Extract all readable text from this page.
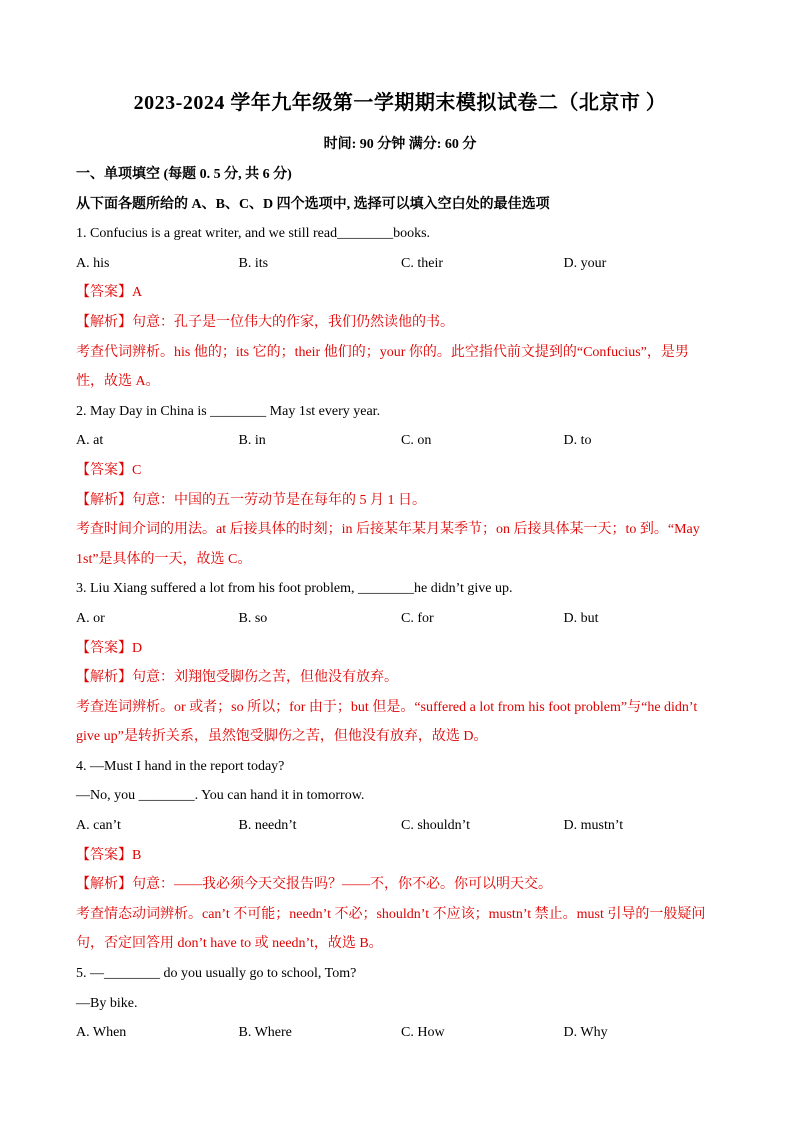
2023-2024 学年九年级第一学期期末模拟试卷二（北京市 ）
时间: 90 分钟 满分: 60 分
一、单项填空 (每题 0. 5 分, 共 6 分)
从下面各题所给的 A、B、C、D 四个选项中, 选择可以填入空白处的最佳选项
1. Confucius is a great writer, and we still read________books.
A. his	B. its	C. their	D. your
【答案】A
【解析】句意：孔子是一位伟大的作家，我们仍然读他的书。
考查代词辨析。his 他的；its 它的；their 他们的；your 你的。此空指代前文提到的“Confucius”，是男
性，故选 A。
2. May Day in China is ________ May 1st every year.
A. at	B. in	C. on	D. to
【答案】C
【解析】句意：中国的五一劳动节是在每年的 5 月 1 日。
考查时间介词的用法。at 后接具体的时刻；in 后接某年某月某季节；on 后接具体某一天；to 到。“May
1st”是具体的一天，故选 C。
3. Liu Xiang suffered a lot from his foot problem, ________he didn’t give up.
A. or	B. so	C. for	D. but
【答案】D
【解析】句意：刘翔饱受脚伤之苦，但他没有放弃。
考查连词辨析。or 或者；so 所以；for 由于；but 但是。“suffered a lot from his foot problem”与“he didn’t
give up”是转折关系，虽然饱受脚伤之苦，但他没有放弃，故选 D。
4. —Must I hand in the report today?
—No, you ________. You can hand it in tomorrow.
A. can’t	B. needn’t	C. shouldn’t	D. mustn’t
【答案】B
【解析】句意：——我必须今天交报告吗？——不，你不必。你可以明天交。
考查情态动词辨析。can’t 不可能；needn’t 不必；shouldn’t 不应该；mustn’t 禁止。must 引导的一般疑问
句，否定回答用 don’t have to 或 needn’t，故选 B。
5. —________ do you usually go to school, Tom?
—By bike.
A. When	B. Where	C. How	D. Why
